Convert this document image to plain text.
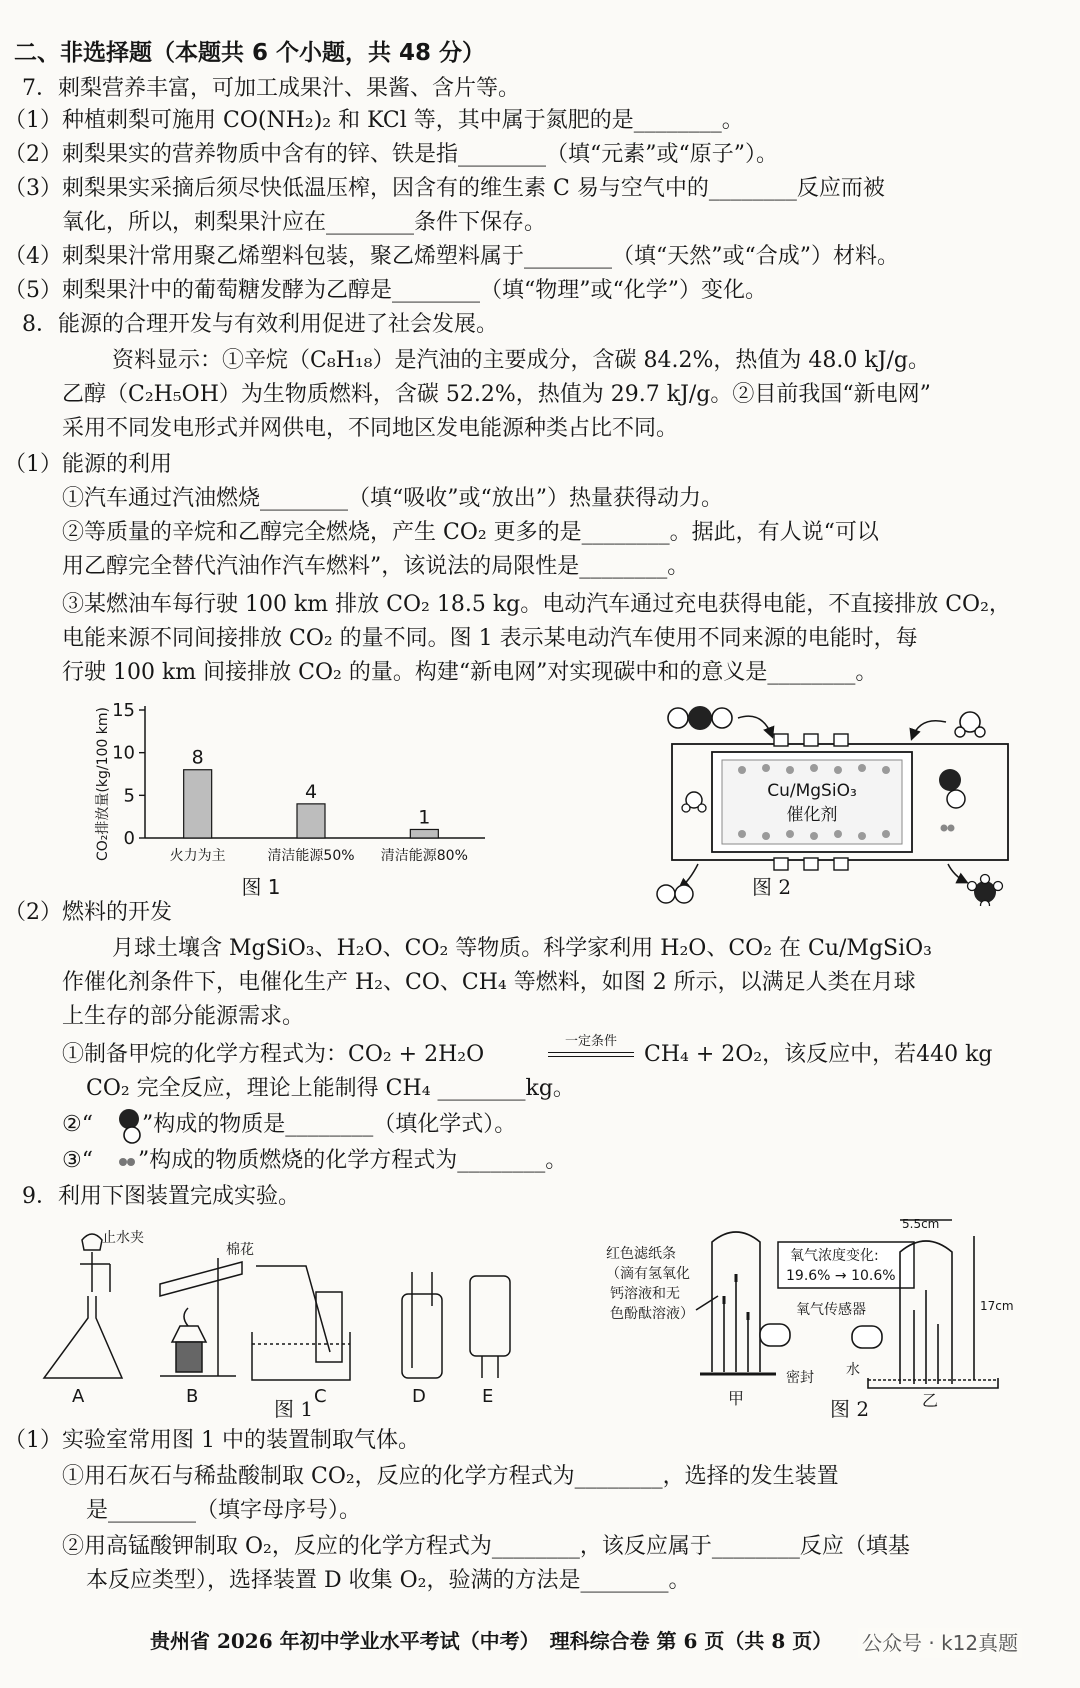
二、非选择题（本题共 6 个小题，共 48 分）
7．刺梨营养丰富，可加工成果汁、果酱、含片等。
（1）种植刺梨可施用 CO(NH₂)₂ 和 KCl 等，其中属于氮肥的是________。
（2）刺梨果实的营养物质中含有的锌、铁是指________（填“元素”或“原子”）。
（3）刺梨果实采摘后须尽快低温压榨，因含有的维生素 C 易与空气中的________反应而被
氧化，所以，刺梨果汁应在________条件下保存。
（4）刺梨果汁常用聚乙烯塑料包装，聚乙烯塑料属于________（填“天然”或“合成”）材料。
（5）刺梨果汁中的葡萄糖发酵为乙醇是________（填“物理”或“化学”）变化。
8．能源的合理开发与有效利用促进了社会发展。
资料显示：①辛烷（C₈H₁₈）是汽油的主要成分，含碳 84.2%，热值为 48.0 kJ/g。
乙醇（C₂H₅OH）为生物质燃料，含碳 52.2%，热值为 29.7 kJ/g。②目前我国“新电网”
采用不同发电形式并网供电，不同地区发电能源种类占比不同。
（1）能源的利用
①汽车通过汽油燃烧________（填“吸收”或“放出”）热量获得动力。
②等质量的辛烷和乙醇完全燃烧，产生 CO₂ 更多的是________。据此，有人说“可以
用乙醇完全替代汽油作汽车燃料”，该说法的局限性是________。
③某燃油车每行驶 100 km 排放 CO₂ 18.5 kg。电动汽车通过充电获得电能，不直接排放 CO₂，
电能来源不同间接排放 CO₂ 的量不同。图 1 表示某电动汽车使用不同来源的电能时，每
行驶 100 km 间接排放 CO₂ 的量。构建“新电网”对实现碳中和的意义是________。
CO₂排放量(kg/100 km) 0
5
10
15
8
火力为主
4
清洁能源50%
1
清洁能源80%
图 1
Cu/MgSiO₃
催化剂
图 2
（2）燃料的开发
月球土壤含 MgSiO₃、H₂O、CO₂ 等物质。科学家利用 H₂O、CO₂ 在 Cu/MgSiO₃
作催化剂条件下，电催化生产 H₂、CO、CH₄ 等燃料，如图 2 所示，以满足人类在月球
上生存的部分能源需求。
①制备甲烷的化学方程式为：CO₂ + 2H₂O
一定条件
CH₄ + 2O₂，该反应中，若440 kg
CO₂ 完全反应，理论上能制得 CH₄ ________kg。
②“ ”构成的物质是________（填化学式）。
③“ ”构成的物质燃烧的化学方程式为________。
9．利用下图装置完成实验。
止水夹
棉花
A	B	C	D	E
图 1
红色滤纸条
（滴有氢氧化
钙溶液和无
色酚酞溶液）
密封
氧气浓度变化:
19.6% → 10.6%
氧气传感器
5.5cm
17cm
水
甲	乙
图 2
（1）实验室常用图 1 中的装置制取气体。
①用石灰石与稀盐酸制取 CO₂，反应的化学方程式为________，选择的发生装置
是________（填字母序号）。
②用高锰酸钾制取 O₂，反应的化学方程式为________，该反应属于________反应（填基
本反应类型），选择装置 D 收集 O₂，验满的方法是________。
贵州省 2026 年初中学业水平考试（中考）　理科综合卷 第 6 页（共 8 页） 公众号 · k12真题
